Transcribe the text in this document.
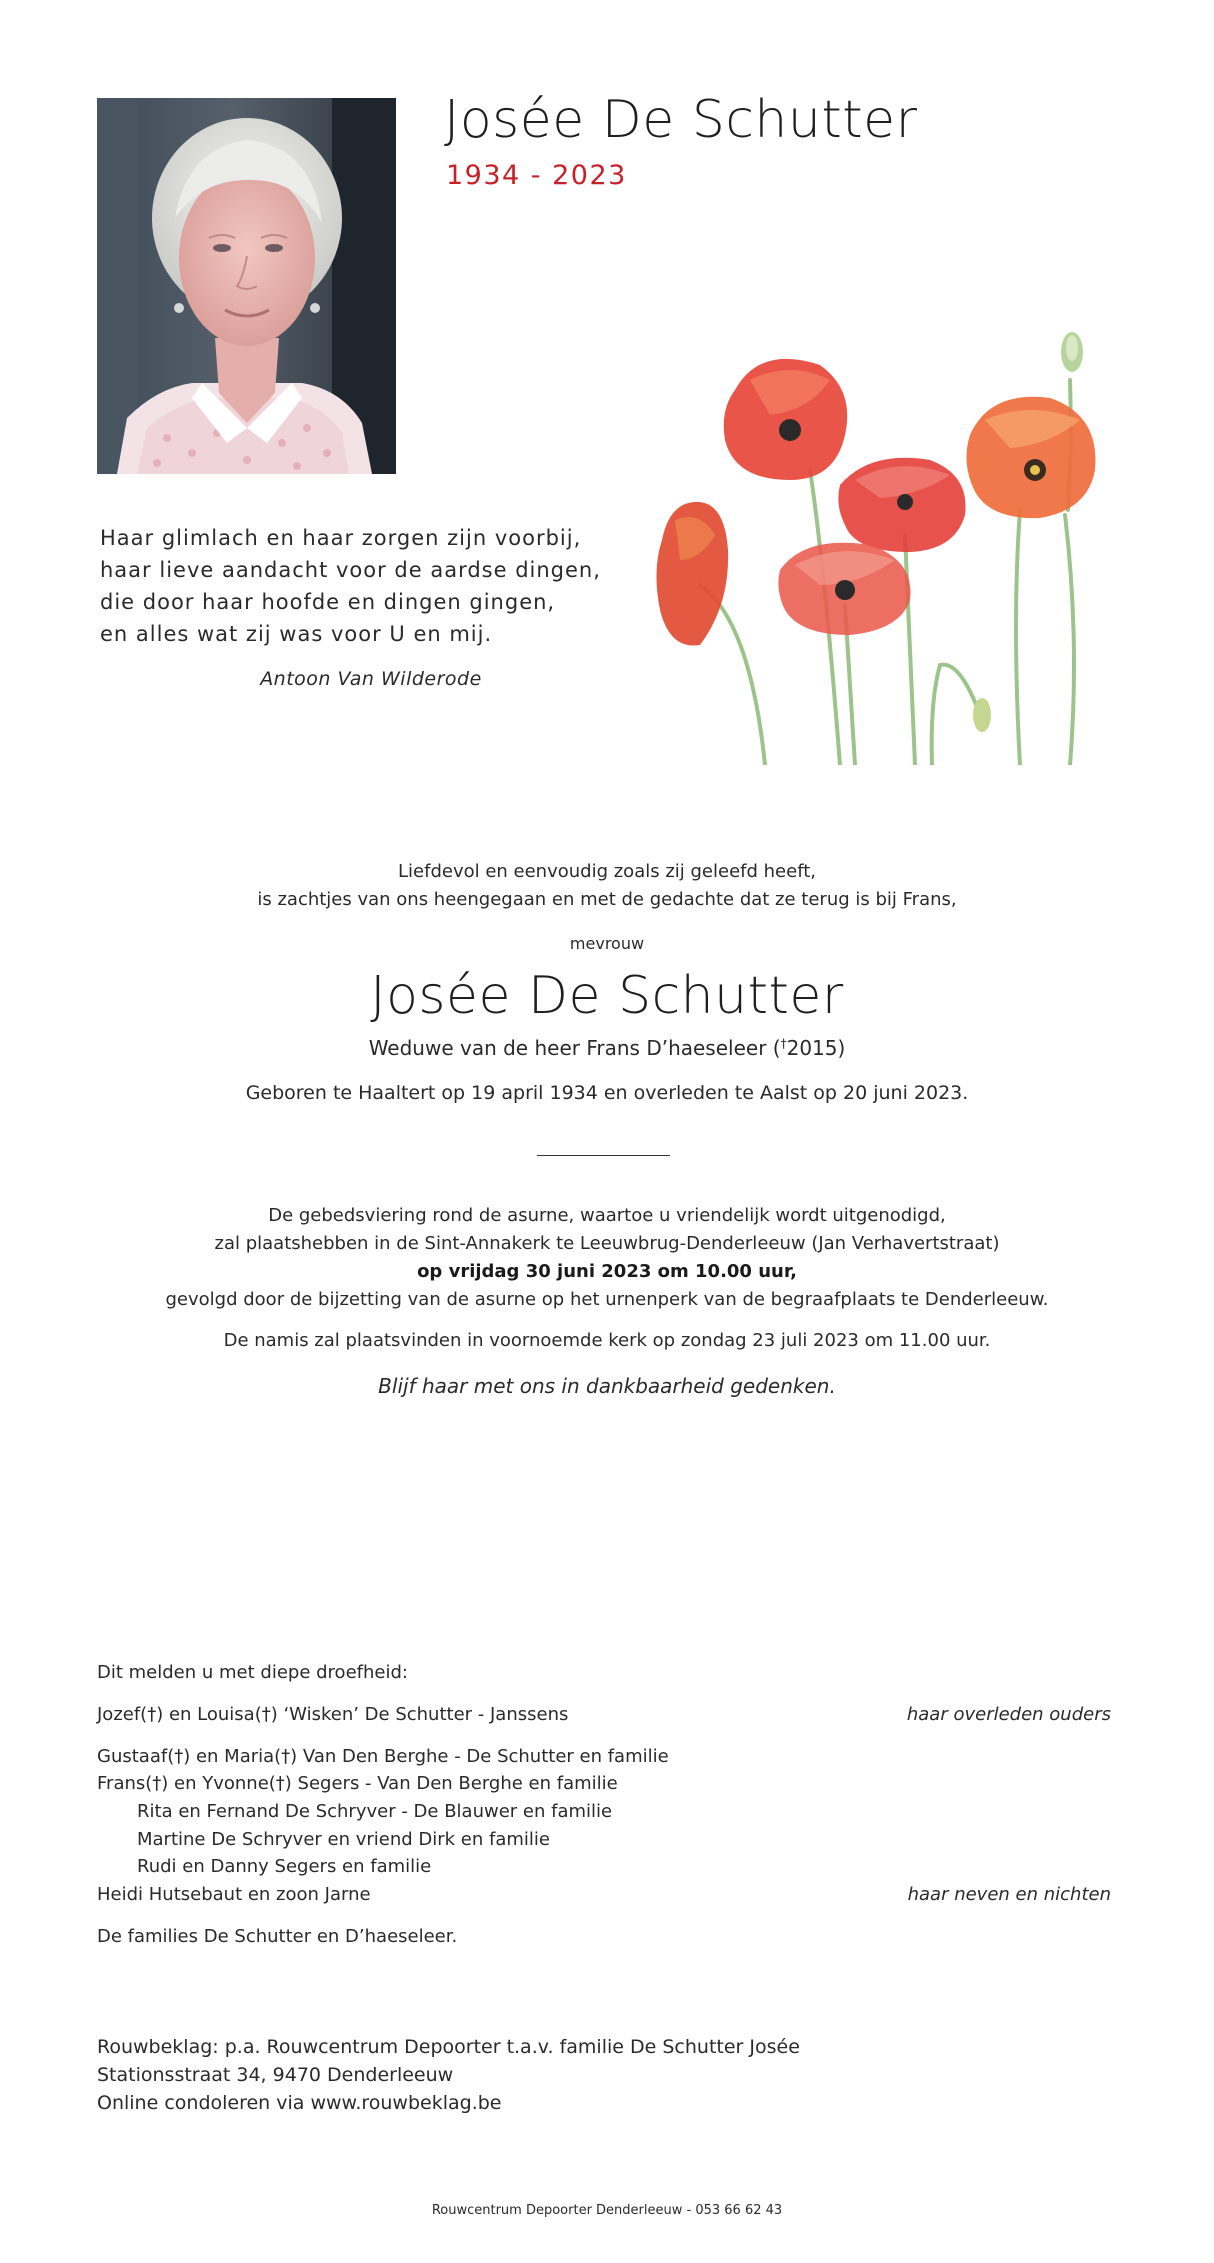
Josée De Schutter
1934 - 2023
Haar glimlach en haar zorgen zijn voorbij,
haar lieve aandacht voor de aardse dingen,
die door haar hoofde en dingen gingen,
en alles wat zij was voor U en mij.
Antoon Van Wilderode
Liefdevol en eenvoudig zoals zij geleefd heeft,
is zachtjes van ons heengegaan en met de gedachte dat ze terug is bij Frans,
mevrouw
Josée De Schutter
Weduwe van de heer Frans D’haeseleer (†2015)
Geboren te Haaltert op 19 april 1934 en overleden te Aalst op 20 juni 2023.
De gebedsviering rond de asurne, waartoe u vriendelijk wordt uitgenodigd,
zal plaatshebben in de Sint-Annakerk te Leeuwbrug-Denderleeuw (Jan Verhavertstraat)
op vrijdag 30 juni 2023 om 10.00 uur,
gevolgd door de bijzetting van de asurne op het urnenperk van de begraafplaats te Denderleeuw.
De namis zal plaatsvinden in voornoemde kerk op zondag 23 juli 2023 om 11.00 uur.
Blijf haar met ons in dankbaarheid gedenken.
Dit melden u met diepe droefheid:
Jozef(†) en Louisa(†) ‘Wisken’ De Schutter - Janssens	haar overleden ouders
Gustaaf(†) en Maria(†) Van Den Berghe - De Schutter en familie
Frans(†) en Yvonne(†) Segers - Van Den Berghe en familie
Rita en Fernand De Schryver - De Blauwer en familie
Martine De Schryver en vriend Dirk en familie
Rudi en Danny Segers en familie
Heidi Hutsebaut en zoon Jarne	haar neven en nichten
De families De Schutter en D’haeseleer.
Rouwbeklag: p.a. Rouwcentrum Depoorter t.a.v. familie De Schutter Josée
Stationsstraat 34, 9470 Denderleeuw
Online condoleren via www.rouwbeklag.be
Rouwcentrum Depoorter Denderleeuw - 053 66 62 43
